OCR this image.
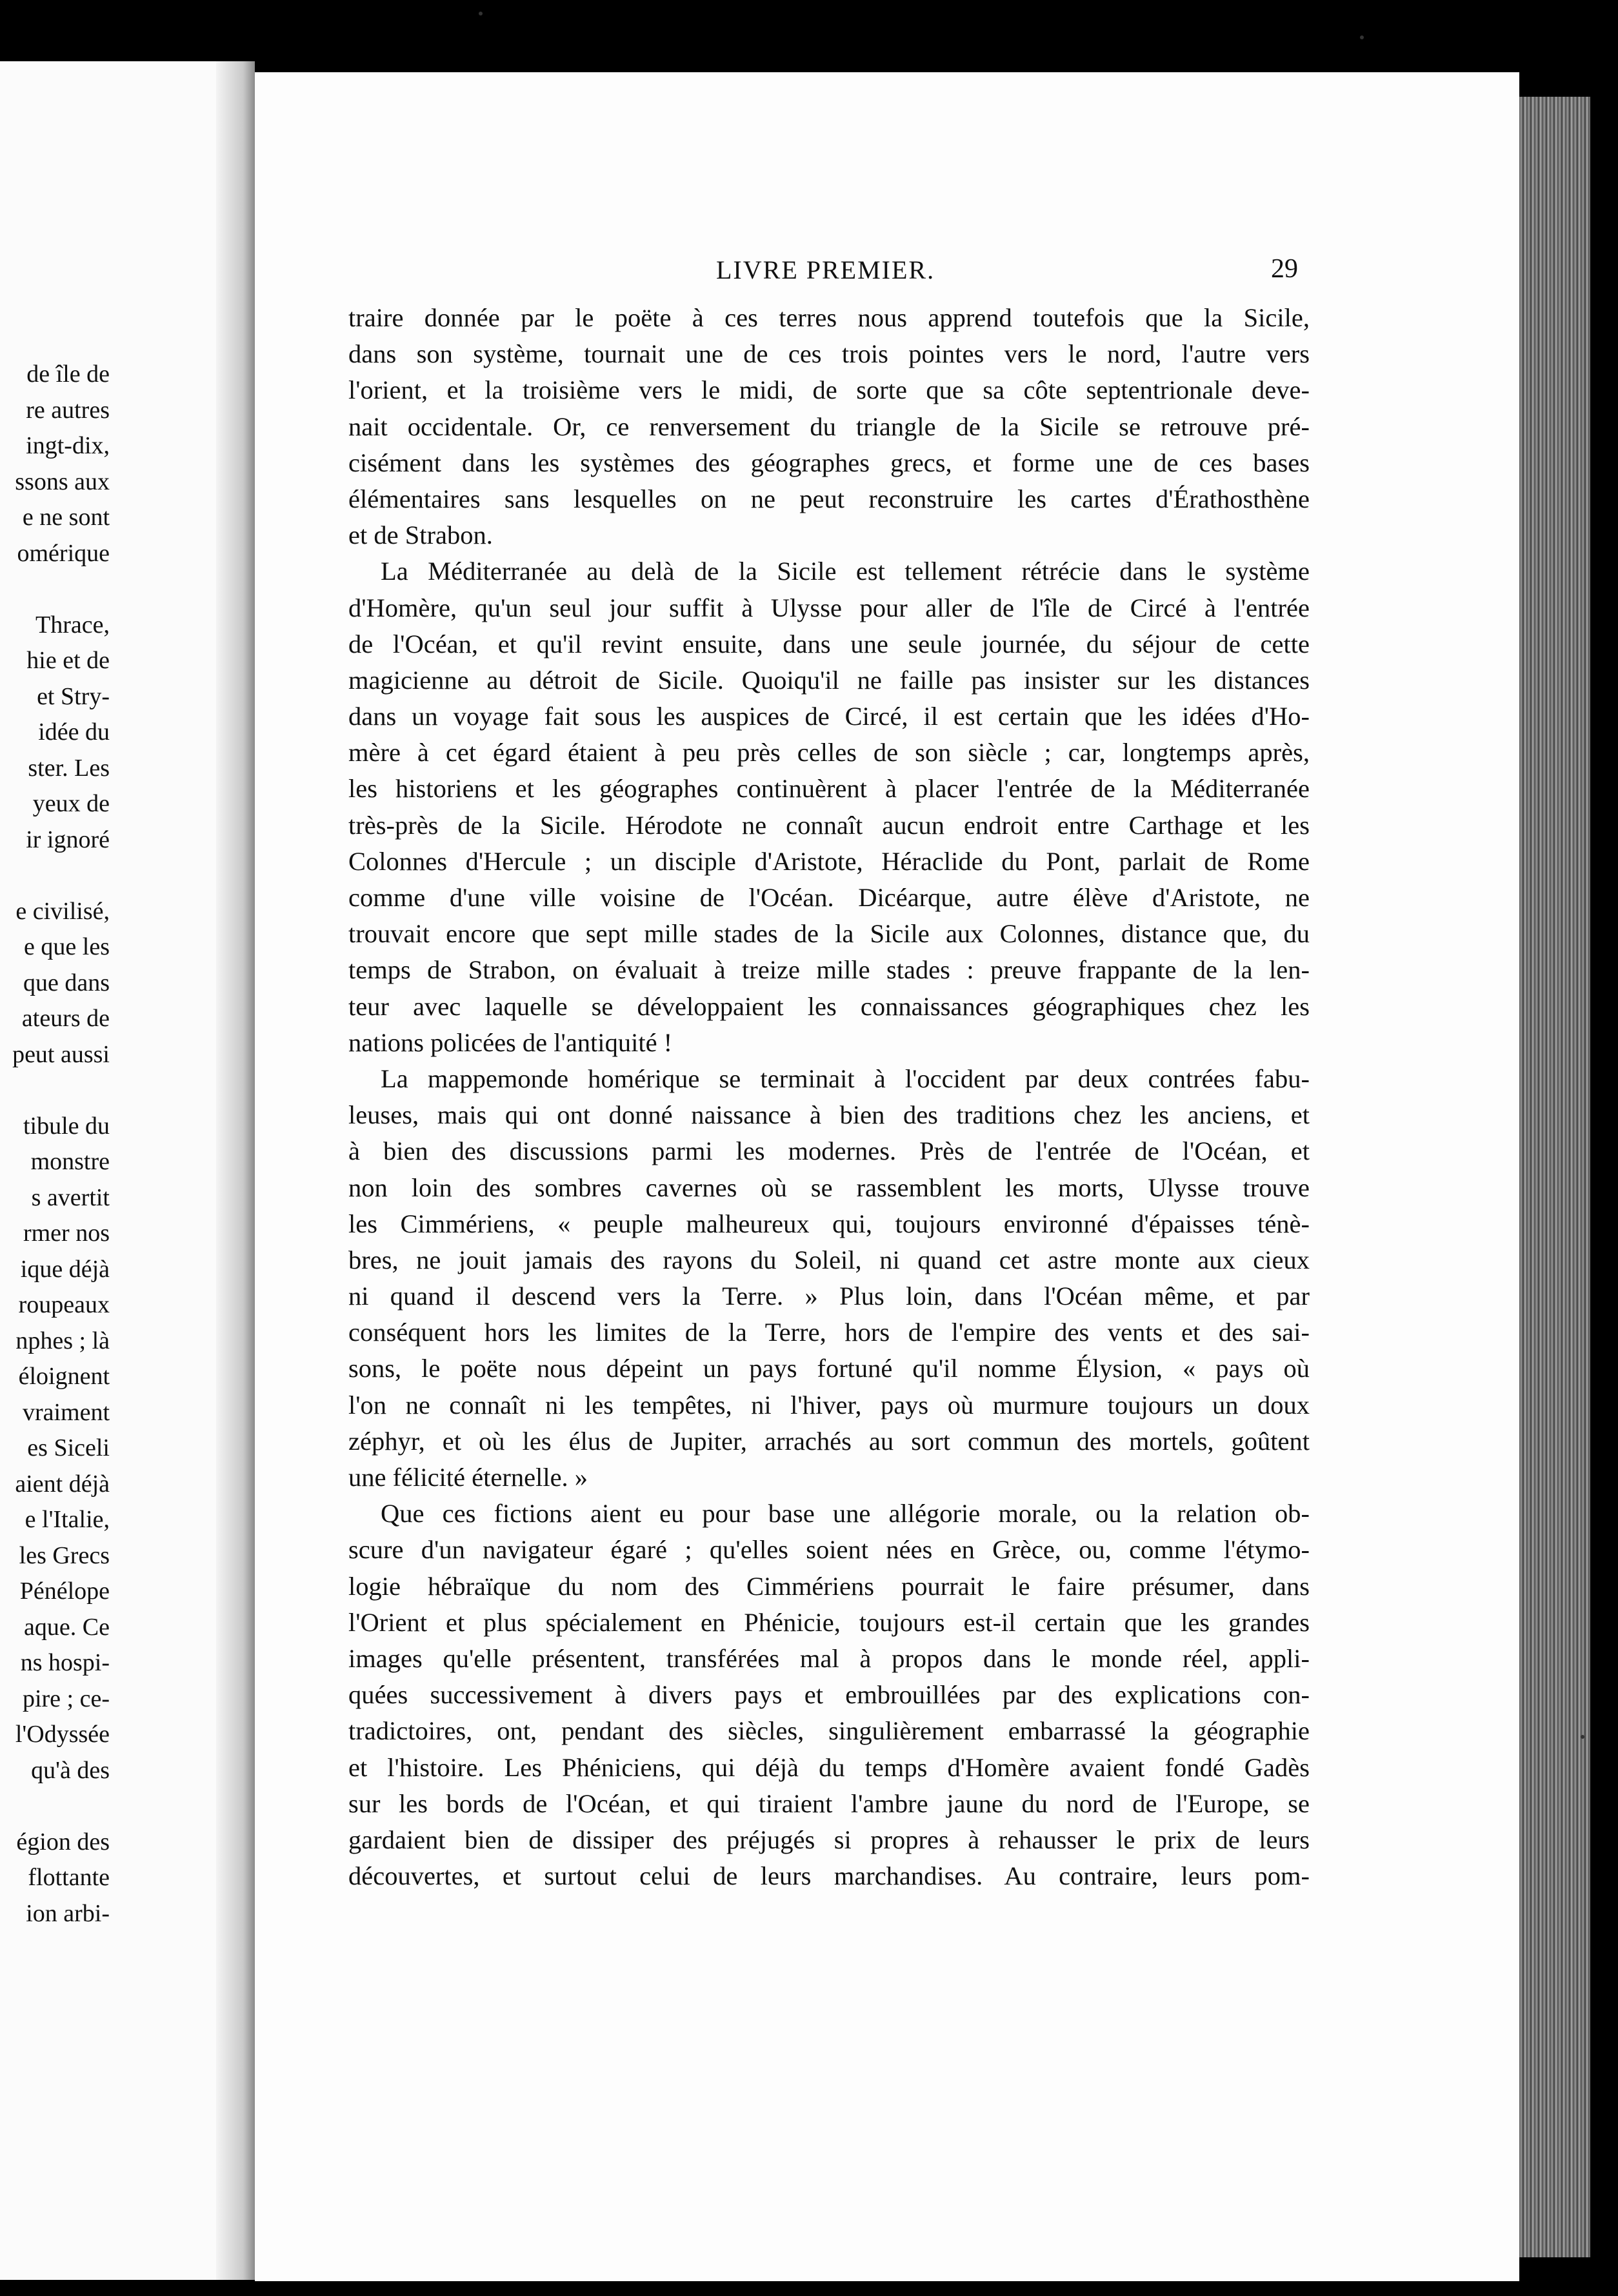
de île de
re autres
ingt-dix,
ssons aux
e ne sont
omérique
Thrace,
hie et de
et Stry-
idée du
ster. Les
yeux de
ir ignoré
e civilisé,
e que les
que dans
ateurs de
peut aussi
tibule du
monstre
s avertit
rmer nos
ique déjà
roupeaux
nphes ; là
éloignent
vraiment
es Siceli
aient déjà
e l'Italie,
les Grecs
Pénélope
aque. Ce
ns hospi-
pire ; ce-
l'Odyssée
qu'à des
égion des
flottante
ion arbi-
LIVRE PREMIER.	29
traire donnée par le poëte à ces terres nous apprend toutefois que la Sicile,
dans son système, tournait une de ces trois pointes vers le nord, l'autre vers
l'orient, et la troisième vers le midi, de sorte que sa côte septentrionale deve-
nait occidentale. Or, ce renversement du triangle de la Sicile se retrouve pré-
cisément dans les systèmes des géographes grecs, et forme une de ces bases
élémentaires sans lesquelles on ne peut reconstruire les cartes d'Érathosthène
et de Strabon.
La Méditerranée au delà de la Sicile est tellement rétrécie dans le système
d'Homère, qu'un seul jour suffit à Ulysse pour aller de l'île de Circé à l'entrée
de l'Océan, et qu'il revint ensuite, dans une seule journée, du séjour de cette
magicienne au détroit de Sicile. Quoiqu'il ne faille pas insister sur les distances
dans un voyage fait sous les auspices de Circé, il est certain que les idées d'Ho-
mère à cet égard étaient à peu près celles de son siècle ; car, longtemps après,
les historiens et les géographes continuèrent à placer l'entrée de la Méditerranée
très-près de la Sicile. Hérodote ne connaît aucun endroit entre Carthage et les
Colonnes d'Hercule ; un disciple d'Aristote, Héraclide du Pont, parlait de Rome
comme d'une ville voisine de l'Océan. Dicéarque, autre élève d'Aristote, ne
trouvait encore que sept mille stades de la Sicile aux Colonnes, distance que, du
temps de Strabon, on évaluait à treize mille stades : preuve frappante de la len-
teur avec laquelle se développaient les connaissances géographiques chez les
nations policées de l'antiquité !
La mappemonde homérique se terminait à l'occident par deux contrées fabu-
leuses, mais qui ont donné naissance à bien des traditions chez les anciens, et
à bien des discussions parmi les modernes. Près de l'entrée de l'Océan, et
non loin des sombres cavernes où se rassemblent les morts, Ulysse trouve
les Cimmériens, « peuple malheureux qui, toujours environné d'épaisses ténè-
bres, ne jouit jamais des rayons du Soleil, ni quand cet astre monte aux cieux
ni quand il descend vers la Terre. » Plus loin, dans l'Océan même, et par
conséquent hors les limites de la Terre, hors de l'empire des vents et des sai-
sons, le poëte nous dépeint un pays fortuné qu'il nomme Élysion, « pays où
l'on ne connaît ni les tempêtes, ni l'hiver, pays où murmure toujours un doux
zéphyr, et où les élus de Jupiter, arrachés au sort commun des mortels, goûtent
une félicité éternelle. »
Que ces fictions aient eu pour base une allégorie morale, ou la relation ob-
scure d'un navigateur égaré ; qu'elles soient nées en Grèce, ou, comme l'étymo-
logie hébraïque du nom des Cimmériens pourrait le faire présumer, dans
l'Orient et plus spécialement en Phénicie, toujours est-il certain que les grandes
images qu'elle présentent, transférées mal à propos dans le monde réel, appli-
quées successivement à divers pays et embrouillées par des explications con-
tradictoires, ont, pendant des siècles, singulièrement embarrassé la géographie
et l'histoire. Les Phéniciens, qui déjà du temps d'Homère avaient fondé Gadès
sur les bords de l'Océan, et qui tiraient l'ambre jaune du nord de l'Europe, se
gardaient bien de dissiper des préjugés si propres à rehausser le prix de leurs
découvertes, et surtout celui de leurs marchandises. Au contraire, leurs pom-
